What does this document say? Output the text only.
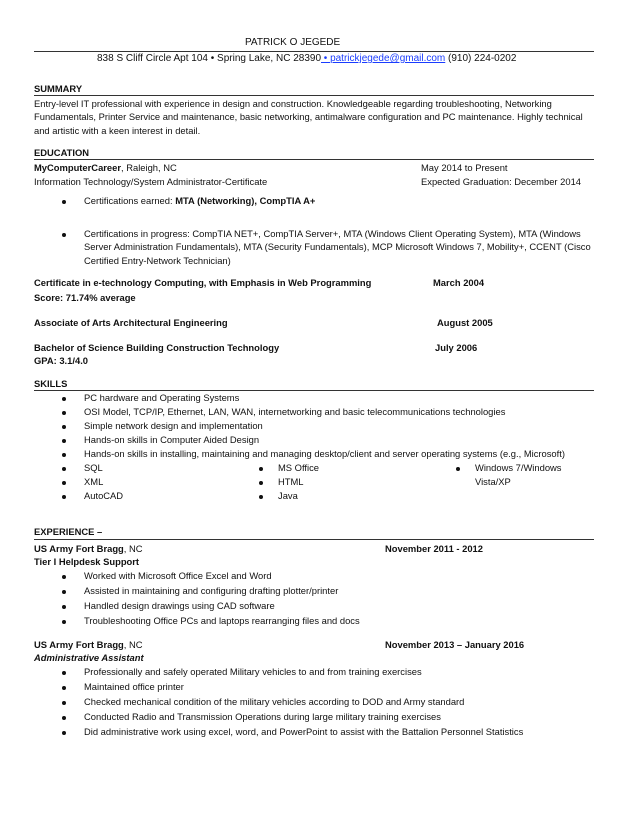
PATRICK O JEGEDE
838 S Cliff Circle Apt 104 • Spring Lake, NC 28390 • patrickjegede@gmail.com (910) 224-0202
SUMMARY
Entry-level IT professional with experience in design and construction. Knowledgeable regarding troubleshooting, Networking Fundamentals, Printer Service and maintenance, basic networking, antimalware configuration and PC maintenance. Highly technical and artistic with a keen interest in detail.
EDUCATION
MyComputerCareer, Raleigh, NC	May 2014 to Present
Information Technology/System Administrator-Certificate	Expected Graduation: December 2014
Certifications earned: MTA (Networking), CompTIA A+
Certifications in progress: CompTIA NET+, CompTIA Server+, MTA (Windows Client Operating System), MTA (Windows Server Administration Fundamentals), MTA (Security Fundamentals), MCP Microsoft Windows 7, Mobility+, CCENT (Cisco Certified Entry-Network Technician)
Certificate in e-technology Computing, with Emphasis in Web Programming	March 2004
Score: 71.74% average
Associate of Arts Architectural Engineering	August 2005
Bachelor of Science Building Construction Technology	July 2006
GPA: 3.1/4.0
SKILLS
PC hardware and Operating Systems
OSI Model, TCP/IP, Ethernet, LAN, WAN, internetworking and basic telecommunications technologies
Simple network design and implementation
Hands-on skills in Computer Aided Design
Hands-on skills in installing, maintaining and managing desktop/client and server operating systems (e.g., Microsoft)
SQL
XML
AutoCAD
MS Office
HTML
Java
Windows 7/Windows
Vista/XP
EXPERIENCE –
US Army Fort Bragg, NC	November 2011 - 2012
Tier I Helpdesk Support
Worked with Microsoft Office Excel and Word
Assisted in maintaining and configuring drafting plotter/printer
Handled design drawings using CAD software
Troubleshooting Office PCs and laptops rearranging files and docs
US Army Fort Bragg, NC	November 2013 – January 2016
Administrative Assistant
Professionally and safely operated Military vehicles to and from training exercises
Maintained office printer
Checked mechanical condition of the military vehicles according to DOD and Army standard
Conducted Radio and Transmission Operations during large military training exercises
Did administrative work using excel, word, and PowerPoint to assist with the Battalion Personnel Statistics
